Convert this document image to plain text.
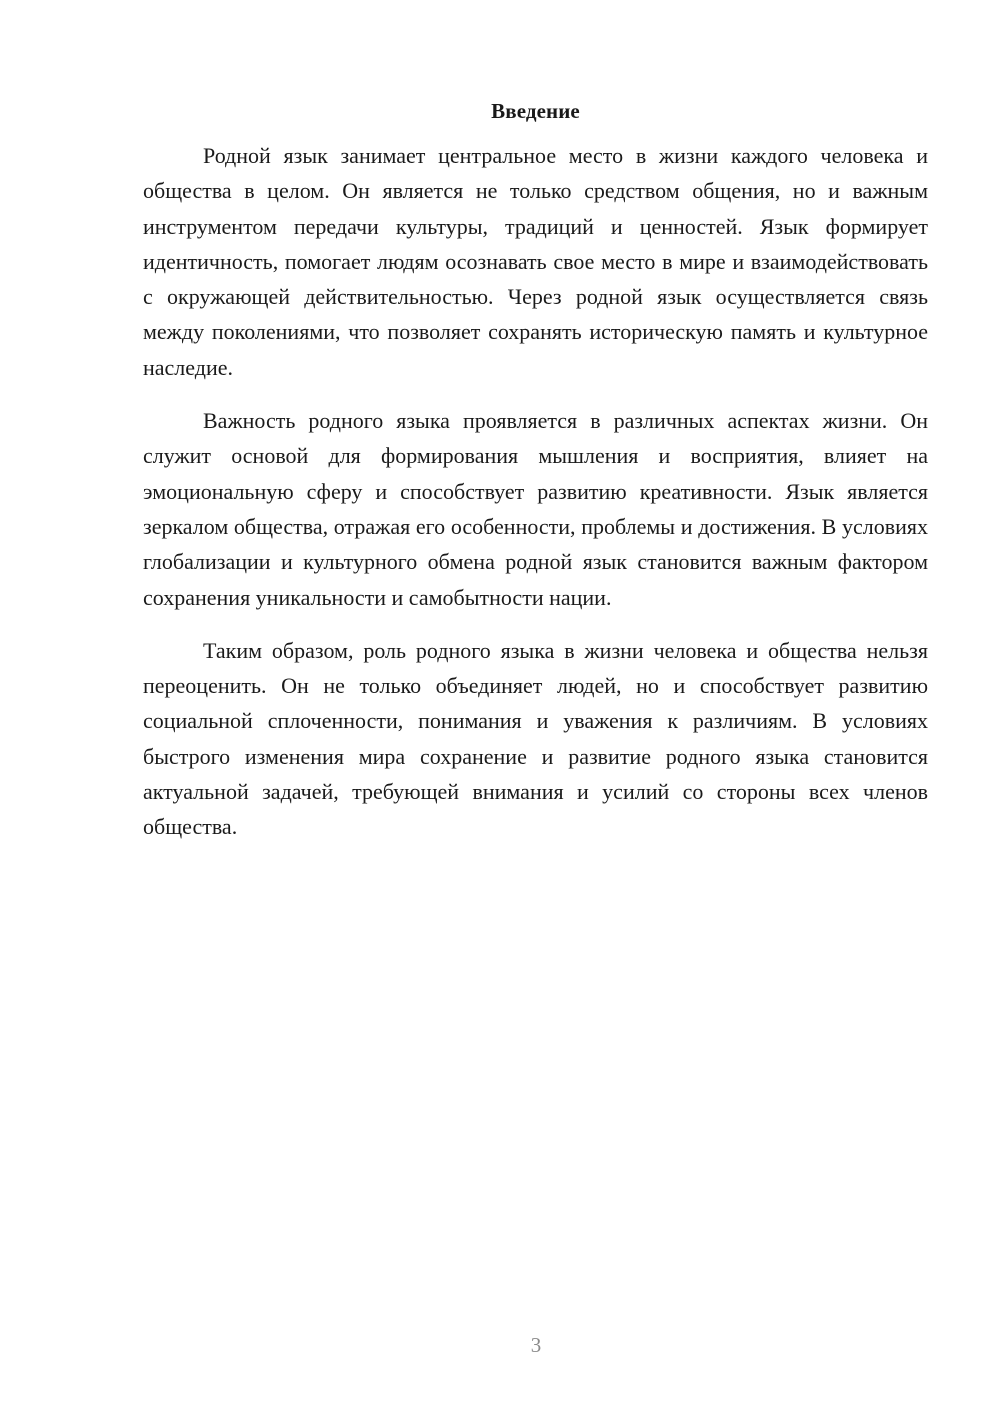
Введение

Родной язык занимает центральное место в жизни каждого человека и общества в целом. Он является не только средством общения, но и важным инструментом передачи культуры, традиций и ценностей. Язык формирует идентичность, помогает людям осознавать свое место в мире и взаимодействовать с окружающей действительностью. Через родной язык осуществляется связь между поколениями, что позволяет сохранять историческую память и культурное наследие.

Важность родного языка проявляется в различных аспектах жизни. Он служит основой для формирования мышления и восприятия, влияет на эмоциональную сферу и способствует развитию креативности. Язык является зеркалом общества, отражая его особенности, проблемы и достижения. В условиях глобализации и культурного обмена родной язык становится важным фактором сохранения уникальности и самобытности нации.

Таким образом, роль родного языка в жизни человека и общества нельзя переоценить. Он не только объединяет людей, но и способствует развитию социальной сплоченности, понимания и уважения к различиям. В условиях быстрого изменения мира сохранение и развитие родного языка становится актуальной задачей, требующей внимания и усилий со стороны всех членов общества.

3
